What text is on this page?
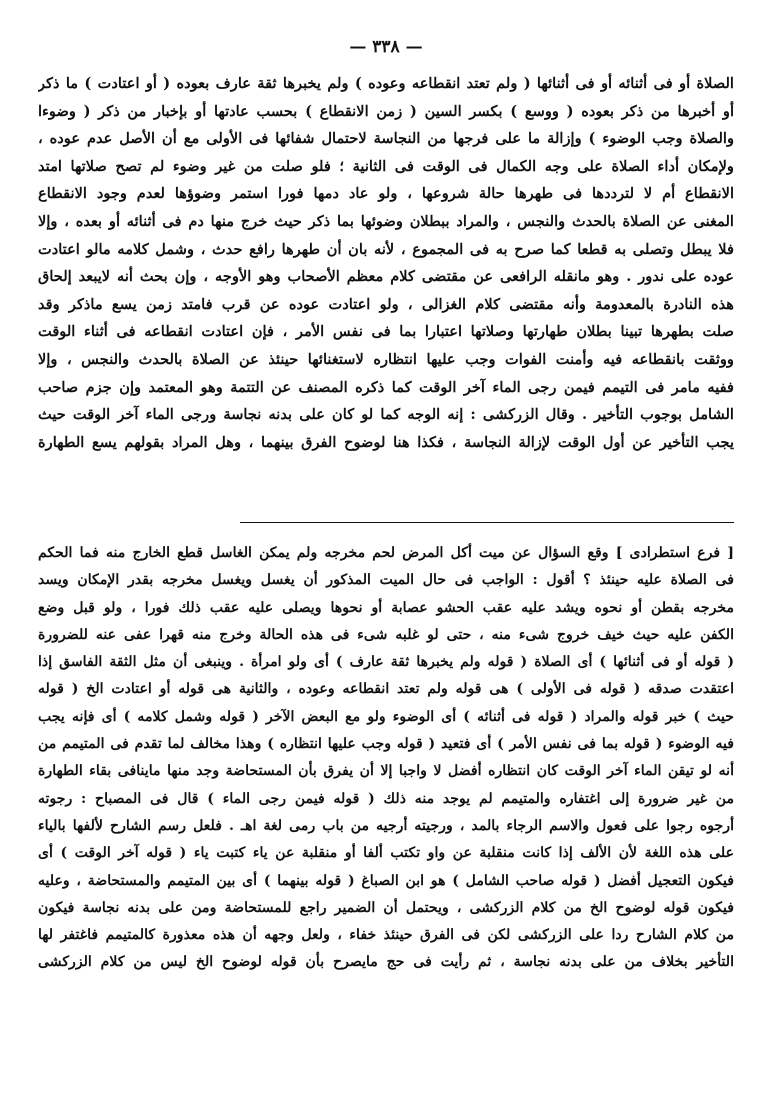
— ٣٣٨ —
الصلاة أو فى أثنائه أو فى أثنائها ( ولم تعتد انقطاعه وعوده ) ولم يخبرها ثقة عارف بعوده ( أو اعتادت ) ما ذكر
أو أخبرها من ذكر بعوده ( ووسع ) بكسر السين ( زمن الانقطاع ) بحسب عادتها أو بإخبار من ذكر ( وضوءا
والصلاة وجب الوضوء ) وإزالة ما على فرجها من النجاسة لاحتمال شفائها فى الأولى مع أن الأصل عدم عوده ،
ولإمكان أداء الصلاة على وجه الكمال فى الوقت فى الثانية ؛ فلو صلت من غير وضوء لم تصح صلاتها امتد
الانقطاع أم لا لترددها فى طهرها حالة شروعها ، ولو عاد دمها فورا استمر وضوؤها لعدم وجود الانقطاع
المغنى عن الصلاة بالحدث والنجس ، والمراد ببطلان وضوئها بما ذكر حيث خرج منها دم فى أثنائه أو بعده ، وإلا
فلا يبطل وتصلى به قطعا كما صرح به فى المجموع ، لأنه بان أن طهرها رافع حدث ، وشمل كلامه مالو اعتادت
عوده على ندور . وهو مانقله الرافعى عن مقتضى كلام معظم الأصحاب وهو الأوجه ، وإن بحث أنه لايبعد إلحاق
هذه النادرة بالمعدومة وأنه مقتضى كلام الغزالى ، ولو اعتادت عوده عن قرب فامتد زمن يسع ماذكر وقد
صلت بطهرها تبينا بطلان طهارتها وصلاتها اعتبارا بما فى نفس الأمر ، فإن اعتادت انقطاعه فى أثناء الوقت
ووثقت بانقطاعه فيه وأمنت الفوات وجب عليها انتظاره لاستغنائها حينئذ عن الصلاة بالحدث والنجس ، وإلا
ففيه مامر فى التيمم فيمن رجى الماء آخر الوقت كما ذكره المصنف عن التتمة وهو المعتمد وإن جزم صاحب
الشامل بوجوب التأخير . وقال الزركشى : إنه الوجه كما لو كان على بدنه نجاسة ورجى الماء آخر الوقت حيث
يجب التأخير عن أول الوقت لإزالة النجاسة ، فكذا هنا لوضوح الفرق بينهما ، وهل المراد بقولهم يسع الطهارة
[ فرع استطرادى ] وقع السؤال عن ميت أكل المرض لحم مخرجه ولم يمكن الغاسل قطع الخارج منه فما الحكم
فى الصلاة عليه حينئذ ؟ أقول : الواجب فى حال الميت المذكور أن يغسل ويغسل مخرجه بقدر الإمكان ويسد
مخرجه بقطن أو نحوه ويشد عليه عقب الحشو عصابة أو نحوها ويصلى عليه عقب ذلك فورا ، ولو قبل وضع
الكفن عليه حيث خيف خروج شىء منه ، حتى لو غلبه شىء فى هذه الحالة وخرج منه قهرا عفى عنه للضرورة
( قوله أو فى أثنائها ) أى الصلاة ( قوله ولم يخبرها ثقة عارف ) أى ولو امرأة . وينبغى أن مثل الثقة الفاسق إذا
اعتقدت صدقه ( قوله فى الأولى ) هى قوله ولم تعتد انقطاعه وعوده ، والثانية هى قوله أو اعتادت الخ ( قوله
حيث ) خبر قوله والمراد ( قوله فى أثنائه ) أى الوضوء ولو مع البعض الآخر ( قوله وشمل كلامه ) أى فإنه يجب
فيه الوضوء ( قوله بما فى نفس الأمر ) أى فتعيد ( قوله وجب عليها انتظاره ) وهذا مخالف لما تقدم فى المتيمم من
أنه لو تيقن الماء آخر الوقت كان انتظاره أفضل لا واجبا إلا أن يفرق بأن المستحاضة وجد منها ماينافى بقاء الطهارة
من غير ضرورة إلى اغتفاره والمتيمم لم يوجد منه ذلك ( قوله فيمن رجى الماء ) قال فى المصباح : رجوته
أرجوه رجوا على فعول والاسم الرجاء بالمد ، ورجيته أرجيه من باب رمى لغة اهـ . فلعل رسم الشارح لألفها بالياء
على هذه اللغة لأن الألف إذا كانت منقلبة عن واو تكتب ألفا أو منقلبة عن ياء كتبت ياء ( قوله آخر الوقت ) أى
فيكون التعجيل أفضل ( قوله صاحب الشامل ) هو ابن الصباغ ( قوله بينهما ) أى بين المتيمم والمستحاضة ، وعليه
فيكون قوله لوضوح الخ من كلام الزركشى ، ويحتمل أن الضمير راجع للمستحاضة ومن على بدنه نجاسة فيكون
من كلام الشارح ردا على الزركشى لكن فى الفرق حينئذ خفاء ، ولعل وجهه أن هذه معذورة كالمتيمم فاغتفر لها
التأخير بخلاف من على بدنه نجاسة ، ثم رأيت فى حج مايصرح بأن قوله لوضوح الخ ليس من كلام الزركشى
